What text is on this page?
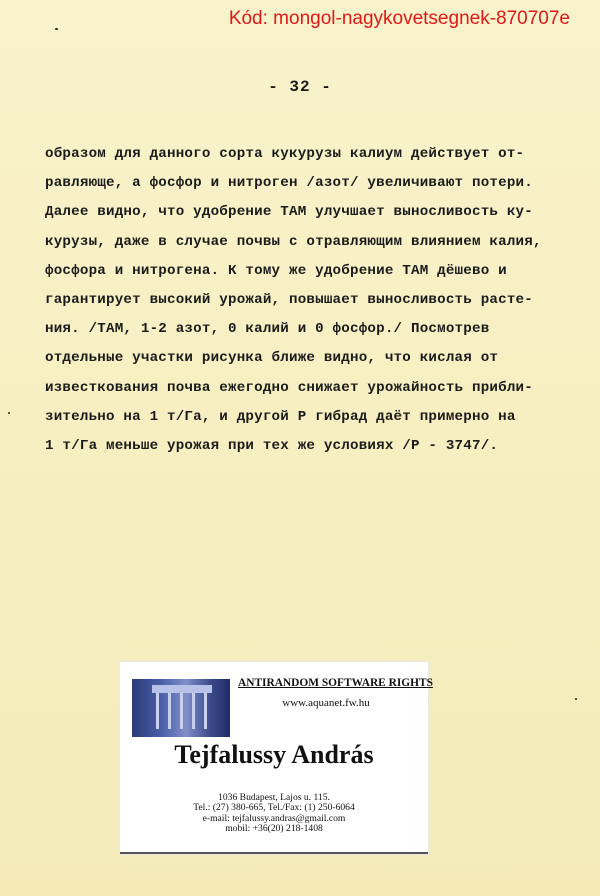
Kód: mongol-nagykovetsegnek-870707e
- 32 -
образом для данного сорта кукурузы калиум действует от-
равляюще, а фосфор и нитроген /азот/ увеличивают потери.
Далее видно, что удобрение ТАМ улучшает выносливость ку-
курузы, даже в случае почвы с отравляющим влиянием калия,
фосфора и нитрогена. К тому же удобрение ТАМ дёшево и
гарантирует высокий урожай, повышает выносливость расте-
ния. /ТАМ, 1-2 азот, 0 калий и 0 фосфор./ Посмотрев
отдельные участки рисунка ближе видно, что кислая от
известкования почва ежегодно снижает урожайность прибли-
зительно на 1 т/Га, и другой Р гибрад даёт примерно на
1 т/Га меньше урожая при тех же условиях /Р - 3747/.
ANTIRANDOM SOFTWARE RIGHTS
www.aquanet.fw.hu
Tejfalussy András
1036 Budapest, Lajos u. 115.
Tel.: (27) 380-665, Tel./Fax: (1) 250-6064
e-mail: tejfalussy.andras@gmail.com
mobil: +36(20) 218-1408
